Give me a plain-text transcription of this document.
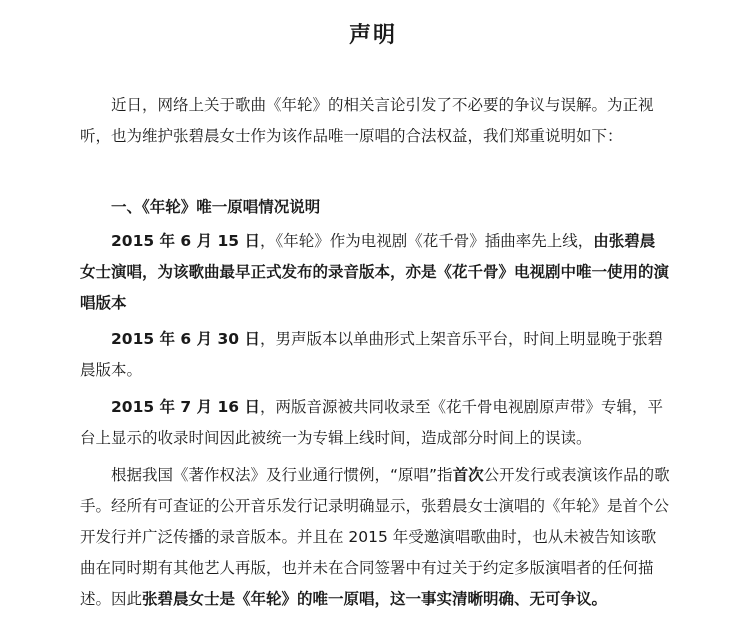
声明

近日，网络上关于歌曲《年轮》的相关言论引发了不必要的争议与误解。为正视听，也为维护张碧晨女士作为该作品唯一原唱的合法权益，我们郑重说明如下：

一、《年轮》唯一原唱情况说明

2015 年 6 月 15 日，《年轮》作为电视剧《花千骨》插曲率先上线，由张碧晨女士演唱，为该歌曲最早正式发布的录音版本，亦是《花千骨》电视剧中唯一使用的演唱版本

2015 年 6 月 30 日，男声版本以单曲形式上架音乐平台，时间上明显晚于张碧晨版本。

2015 年 7 月 16 日，两版音源被共同收录至《花千骨电视剧原声带》专辑，平台上显示的收录时间因此被统一为专辑上线时间，造成部分时间上的误读。

根据我国《著作权法》及行业通行惯例，“原唱”指首次公开发行或表演该作品的歌手。经所有可查证的公开音乐发行记录明确显示，张碧晨女士演唱的《年轮》是首个公开发行并广泛传播的录音版本。并且在 2015 年受邀演唱歌曲时，也从未被告知该歌曲在同时期有其他艺人再版，也并未在合同签署中有过关于约定多版演唱者的任何描述。因此张碧晨女士是《年轮》的唯一原唱，这一事实清晰明确、无可争议。
